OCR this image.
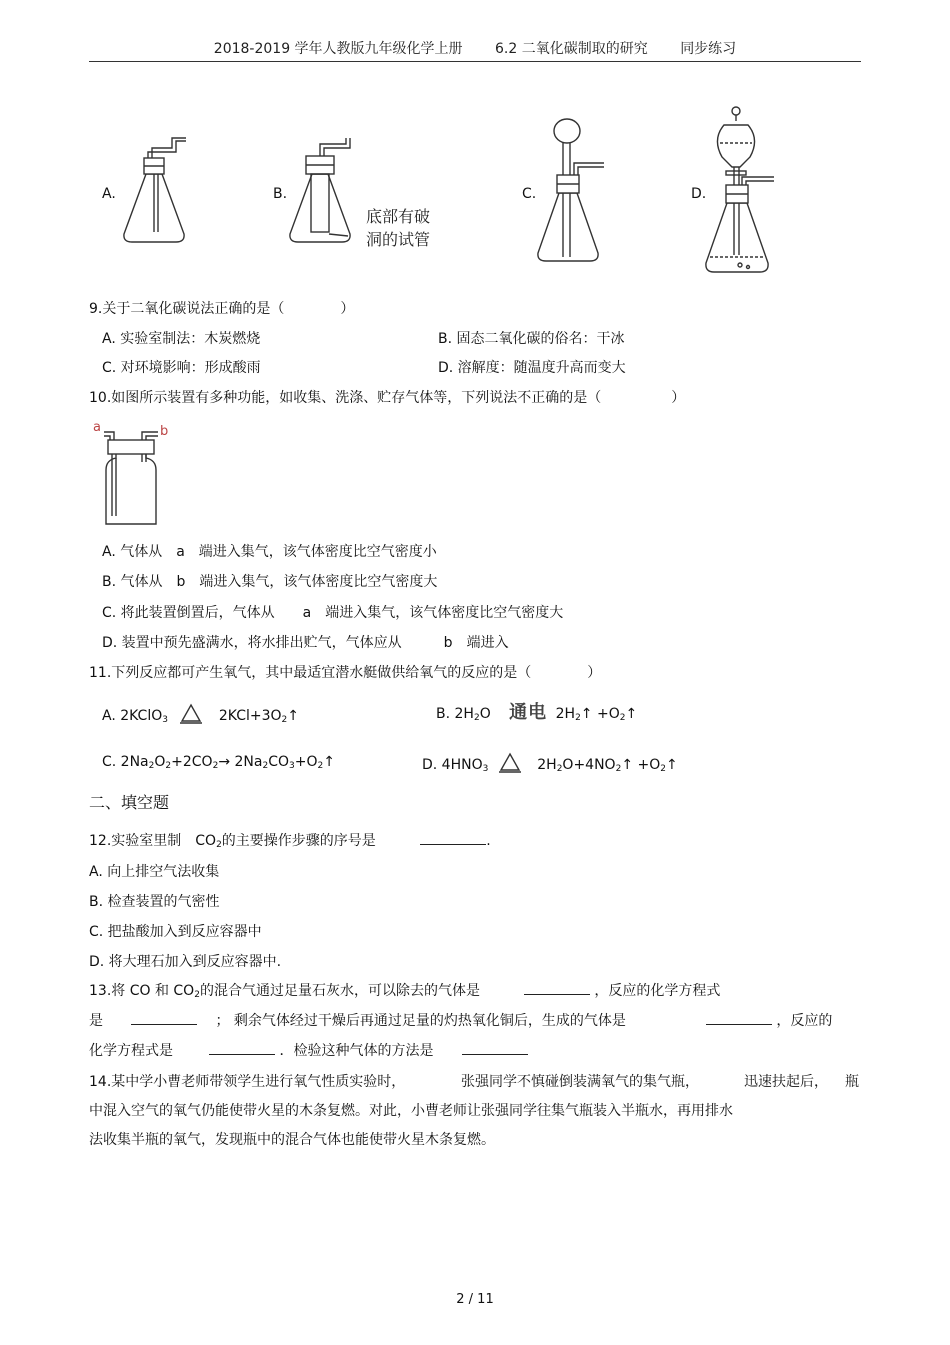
2018-2019 学年人教版九年级化学上册 6.2 二氧化碳制取的研究 同步练习
A.	B.
底部有破
洞的试管
C.	D.
9.关于二氧化碳说法正确的是（　　　　）
A. 实验室制法：木炭燃烧	B. 固态二氧化碳的俗名：干冰
C. 对环境影响：形成酸雨	D. 溶解度：随温度升高而变大
10.如图所示装置有多种功能，如收集、洗涤、贮存气体等，下列说法不正确的是（　　　　　）
a	b
A. 气体从　a　端进入集气，该气体密度比空气密度小
B. 气体从　b　端进入集气，该气体密度比空气密度大
C. 将此装置倒置后，气体从　　a　端进入集气，该气体密度比空气密度大
D. 装置中预先盛满水，将水排出贮气，气体应从　　　b　端进入
11.下列反应都可产生氧气，其中最适宜潜水艇做供给氧气的反应的是（　　　　）
A. 2KClO$_3$	$2KCl+3O_2↑$	B. $2H_2O$ 通电 $2H_2↑$ $+O_2↑$
C. $2Na_2O_2+2CO_2\to$ $2Na_2CO_3+O_2↑$	D. $4HNO_3$	$2H_2O+4NO_2↑$ $+O_2↑$
二、填空题
12.实验室里制　$CO_2$的主要操作步骤的序号是	.
A. 向上排空气法收集
B. 检查装置的气密性
C. 把盐酸加入到反应容器中
D. 将大理石加入到反应容器中.
13.将 CO 和 $CO_2$的混合气通过足量石灰水，可以除去的气体是	，反应的化学方程式
是	； 剩余气体经过干燥后再通过足量的灼热氧化铜后，生成的气体是	，反应的
化学方程式是	．检验这种气体的方法是
14.某中学小曹老师带领学生进行氧气性质实验时，	张强同学不慎碰倒装满氧气的集气瓶，	迅速扶起后， 瓶
中混入空气的氧气仍能使带火星的木条复燃。对此，小曹老师让张强同学往集气瓶装入半瓶水，再用排水
法收集半瓶的氧气，发现瓶中的混合气体也能使带火星木条复燃。
2 / 11
